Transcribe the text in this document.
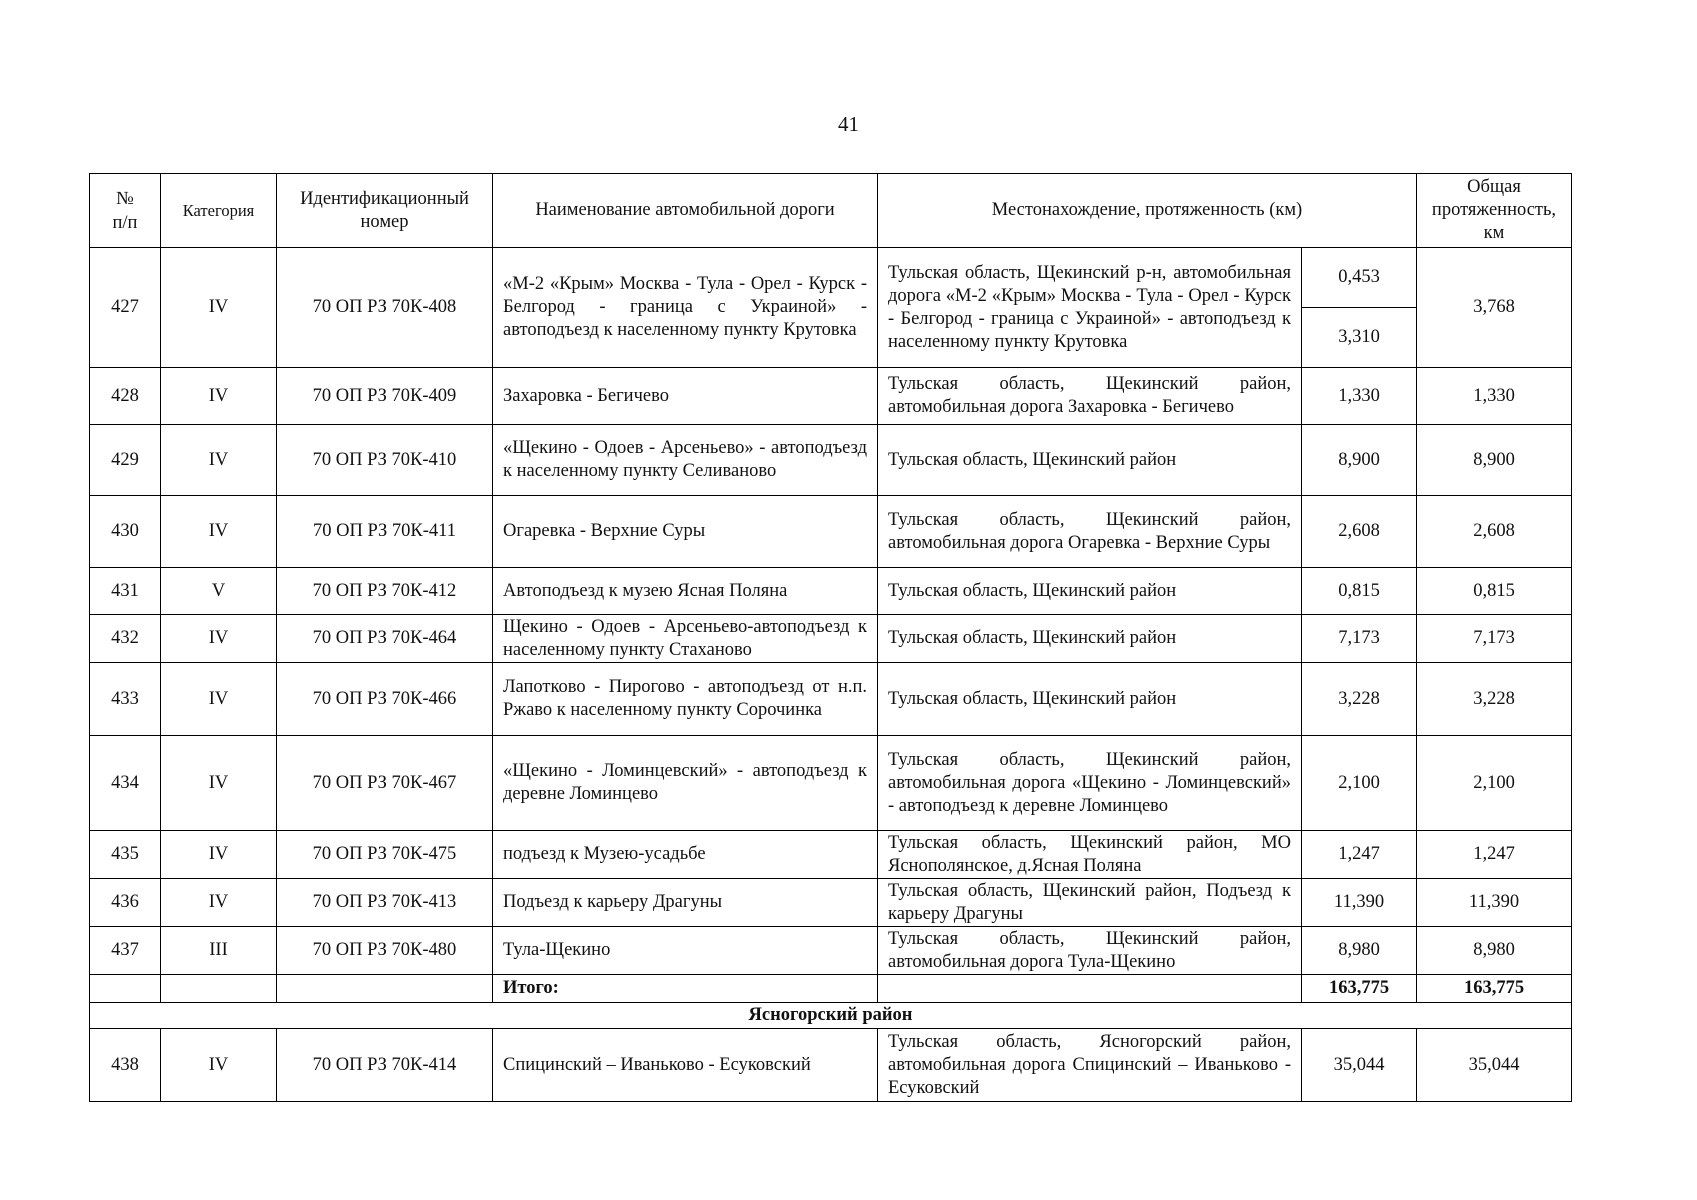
41
№
п/п	Категория	Идентификационный номер	Наименование автомобильной дороги	Местонахождение, протяженность (км)		Общая протяженность, км
427	IV	70 ОП РЗ 70К-408	«М-2 «Крым» Москва - Тула - Орел - Курск - Белгород - граница с Украиной» - автоподъезд к населенному пункту Крутовка	Тульская область, Щекинский р-н, автомобильная дорога «М-2 «Крым» Москва - Тула - Орел - Курск - Белгород - граница с Украиной» - автоподъезд к населенному пункту Крутовка	0,453	3,768
					3,310	
428	IV	70 ОП РЗ 70К-409	Захаровка - Бегичево	Тульская область, Щекинский район, автомобильная дорога Захаровка - Бегичево	1,330	1,330
429	IV	70 ОП РЗ 70К-410	«Щекино - Одоев - Арсеньево» - автоподъезд к населенному пункту Селиваново	Тульская область, Щекинский район	8,900	8,900
430	IV	70 ОП РЗ 70К-411	Огаревка - Верхние Суры	Тульская область, Щекинский район, автомобильная дорога Огаревка - Верхние Суры	2,608	2,608
431	V	70 ОП РЗ 70К-412	Автоподъезд к музею Ясная Поляна	Тульская область, Щекинский район	0,815	0,815
432	IV	70 ОП РЗ 70К-464	Щекино - Одоев - Арсеньево-автоподъезд к населенному пункту Стаханово	Тульская область, Щекинский район	7,173	7,173
433	IV	70 ОП РЗ 70К-466	Лапотково - Пирогово - автоподъезд от н.п. Ржаво к населенному пункту Сорочинка	Тульская область, Щекинский район	3,228	3,228
434	IV	70 ОП РЗ 70К-467	«Щекино - Ломинцевский» - автоподъезд к деревне Ломинцево	Тульская область, Щекинский район, автомобильная дорога «Щекино - Ломинцевский» - автоподъезд к деревне Ломинцево	2,100	2,100
435	IV	70 ОП РЗ 70К-475	подъезд к Музею-усадьбе	Тульская область, Щекинский район, МО Яснополянское, д.Ясная Поляна	1,247	1,247
436	IV	70 ОП РЗ 70К-413	Подъезд к карьеру Драгуны	Тульская область, Щекинский район, Подъезд к карьеру Драгуны	11,390	11,390
437	III	70 ОП РЗ 70К-480	Тула-Щекино	Тульская область, Щекинский район, автомобильная дорога Тула-Щекино	8,980	8,980
			Итого:		163,775	163,775
Ясногорский район						
438	IV	70 ОП РЗ 70К-414	Спицинский – Иваньково - Есуковский	Тульская область, Ясногорский район, автомобильная дорога Спицинский – Иваньково - Есуковский	35,044	35,044
